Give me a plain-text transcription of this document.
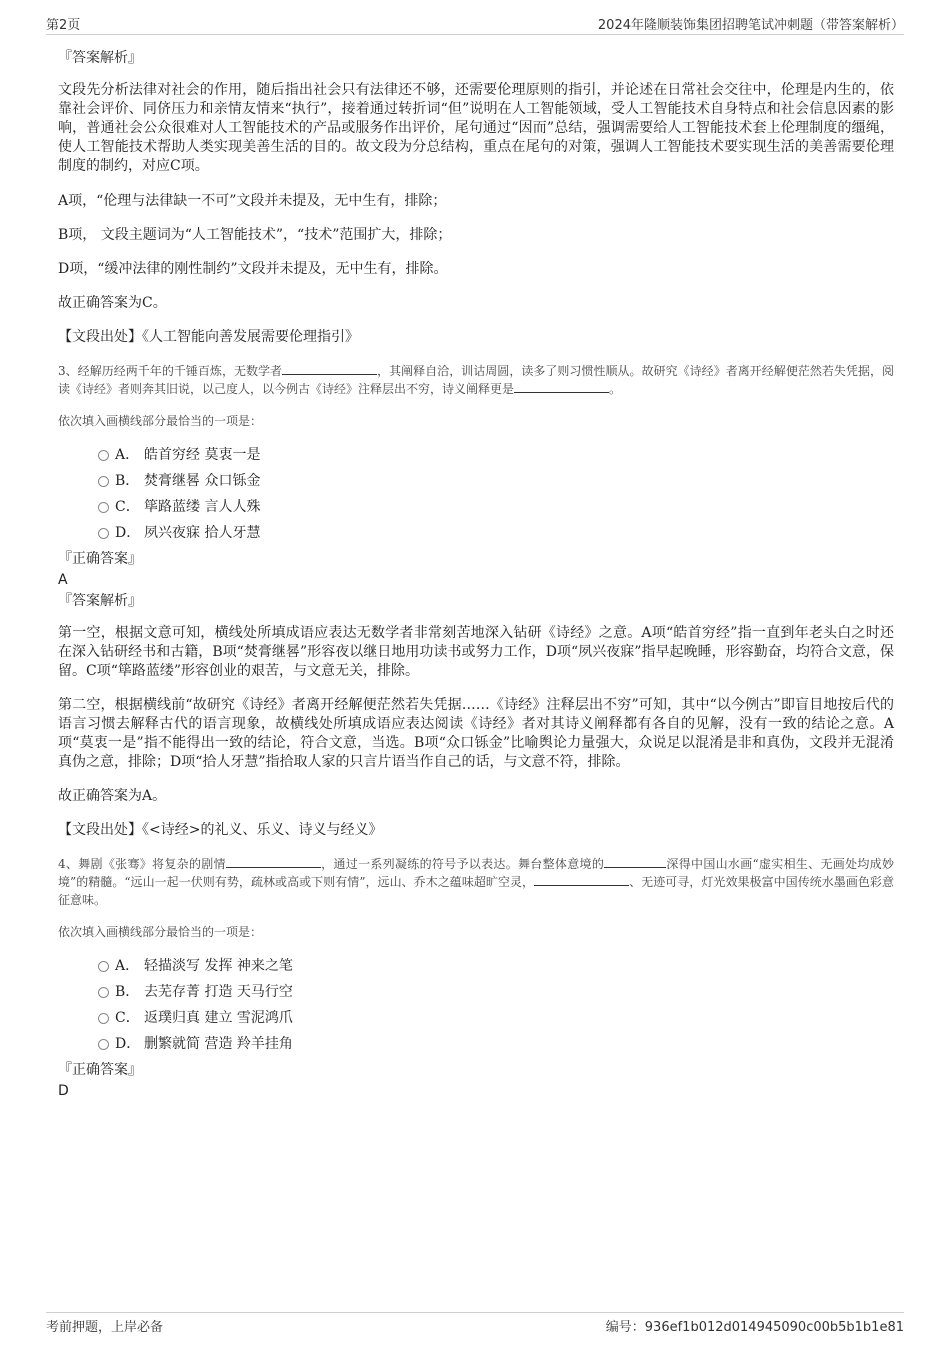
第2页	2024年隆顺装饰集团招聘笔试冲刺题（带答案解析）
『答案解析』

文段先分析法律对社会的作用，随后指出社会只有法律还不够，还需要伦理原则的指引，并论述在日常社会交往中，伦理是内生的，依靠社会评价、同侪压力和亲情友情来“执行”，接着通过转折词“但”说明在人工智能领域，受人工智能技术自身特点和社会信息因素的影响，普通社会公众很难对人工智能技术的产品或服务作出评价，尾句通过“因而”总结，强调需要给人工智能技术套上伦理制度的缰绳，使人工智能技术帮助人类实现美善生活的目的。故文段为分总结构，重点在尾句的对策，强调人工智能技术要实现生活的美善需要伦理制度的制约，对应C项。

A项，“伦理与法律缺一不可”文段并未提及，无中生有，排除；

B项， 文段主题词为“人工智能技术”，“技术”范围扩大，排除；

D项，“缓冲法律的刚性制约”文段并未提及，无中生有，排除。

故正确答案为C。

【文段出处】《人工智能向善发展需要伦理指引》

3、经解历经两千年的千锤百炼，无数学者	，其阐释自洽，训诂周圆，读多了则习惯性顺从。故研究《诗经》者离开经解便茫然若失凭据，阅读《诗经》者则奔其旧说，以己度人，以今例古《诗经》注释层出不穷，诗义阐释更是	。
依次填入画横线部分最恰当的一项是：
A． 皓首穷经 莫衷一是
B． 焚膏继晷 众口铄金
C． 筚路蓝缕 言人人殊
D． 夙兴夜寐 拾人牙慧
『正确答案』
A
『答案解析』

第一空，根据文意可知，横线处所填成语应表达无数学者非常刻苦地深入钻研《诗经》之意。A项“皓首穷经”指一直到年老头白之时还在深入钻研经书和古籍，B项“焚膏继晷”形容夜以继日地用功读书或努力工作，D项“夙兴夜寐”指早起晚睡，形容勤奋，均符合文意，保留。C项“筚路蓝缕”形容创业的艰苦，与文意无关，排除。

第二空，根据横线前“故研究《诗经》者离开经解便茫然若失凭据……《诗经》注释层出不穷”可知，其中“以今例古”即盲目地按后代的语言习惯去解释古代的语言现象，故横线处所填成语应表达阅读《诗经》者对其诗义阐释都有各自的见解，没有一致的结论之意。A项“莫衷一是”指不能得出一致的结论，符合文意，当选。B项“众口铄金”比喻舆论力量强大，众说足以混淆是非和真伪，文段并无混淆真伪之意，排除；D项“拾人牙慧”指拾取人家的只言片语当作自己的话，与文意不符，排除。

故正确答案为A。

【文段出处】《<诗经>的礼义、乐义、诗义与经义》

4、舞剧《张骞》将复杂的剧情	，通过一系列凝练的符号予以表达。舞台整体意境的	深得中国山水画“虚实相生、无画处均成妙境”的精髓。“远山一起一伏则有势，疏林或高或下则有情”，远山、乔木之蕴味超旷空灵，	、无迹可寻，灯光效果极富中国传统水墨画色彩意征意味。
依次填入画横线部分最恰当的一项是：
A． 轻描淡写 发挥 神来之笔
B． 去芜存菁 打造 天马行空
C． 返璞归真 建立 雪泥鸿爪
D． 删繁就简 营造 羚羊挂角
『正确答案』
D
考前押题，上岸必备	编号：936ef1b012d014945090c00b5b1b1e81
